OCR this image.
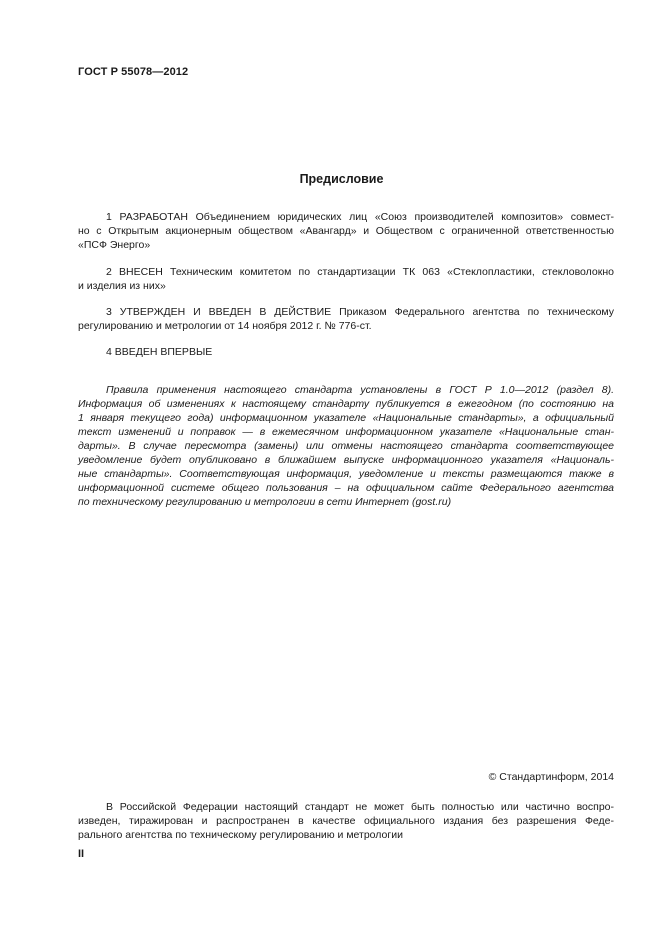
ГОСТ Р 55078—2012
Предисловие
1 РАЗРАБОТАН Объединением юридических лиц «Союз производителей композитов» совмест-
но с Открытым акционерным обществом «Авангард» и Обществом с ограниченной ответственностью
«ПСФ Энерго»
2 ВНЕСЕН Техническим комитетом по стандартизации ТК 063 «Стеклопластики, стекловолокно
и изделия из них»
3 УТВЕРЖДЕН И ВВЕДЕН В ДЕЙСТВИЕ Приказом Федерального агентства по техническому
регулированию и метрологии от 14 ноября 2012 г. № 776-ст.
4 ВВЕДЕН ВПЕРВЫЕ
Правила применения настоящего стандарта установлены в ГОСТ Р 1.0—2012 (раздел 8).
Информация об изменениях к настоящему стандарту публикуется в ежегодном (по состоянию на
1 января текущего года) информационном указателе «Национальные стандарты», а официальный
текст изменений и поправок — в ежемесячном информационном указателе «Национальные стан-
дарты». В случае пересмотра (замены) или отмены настоящего стандарта соответствующее
уведомление будет опубликовано в ближайшем выпуске информационного указателя «Националь-
ные стандарты». Соответствующая информация, уведомление и тексты размещаются также в
информационной системе общего пользования – на официальном сайте Федерального агентства
по техническому регулированию и метрологии в сети Интернет (gost.ru)
© Стандартинформ, 2014
В Российской Федерации настоящий стандарт не может быть полностью или частично воспро-
изведен, тиражирован и распространен в качестве официального издания без разрешения Феде-
рального агентства по техническому регулированию и метрологии
II
